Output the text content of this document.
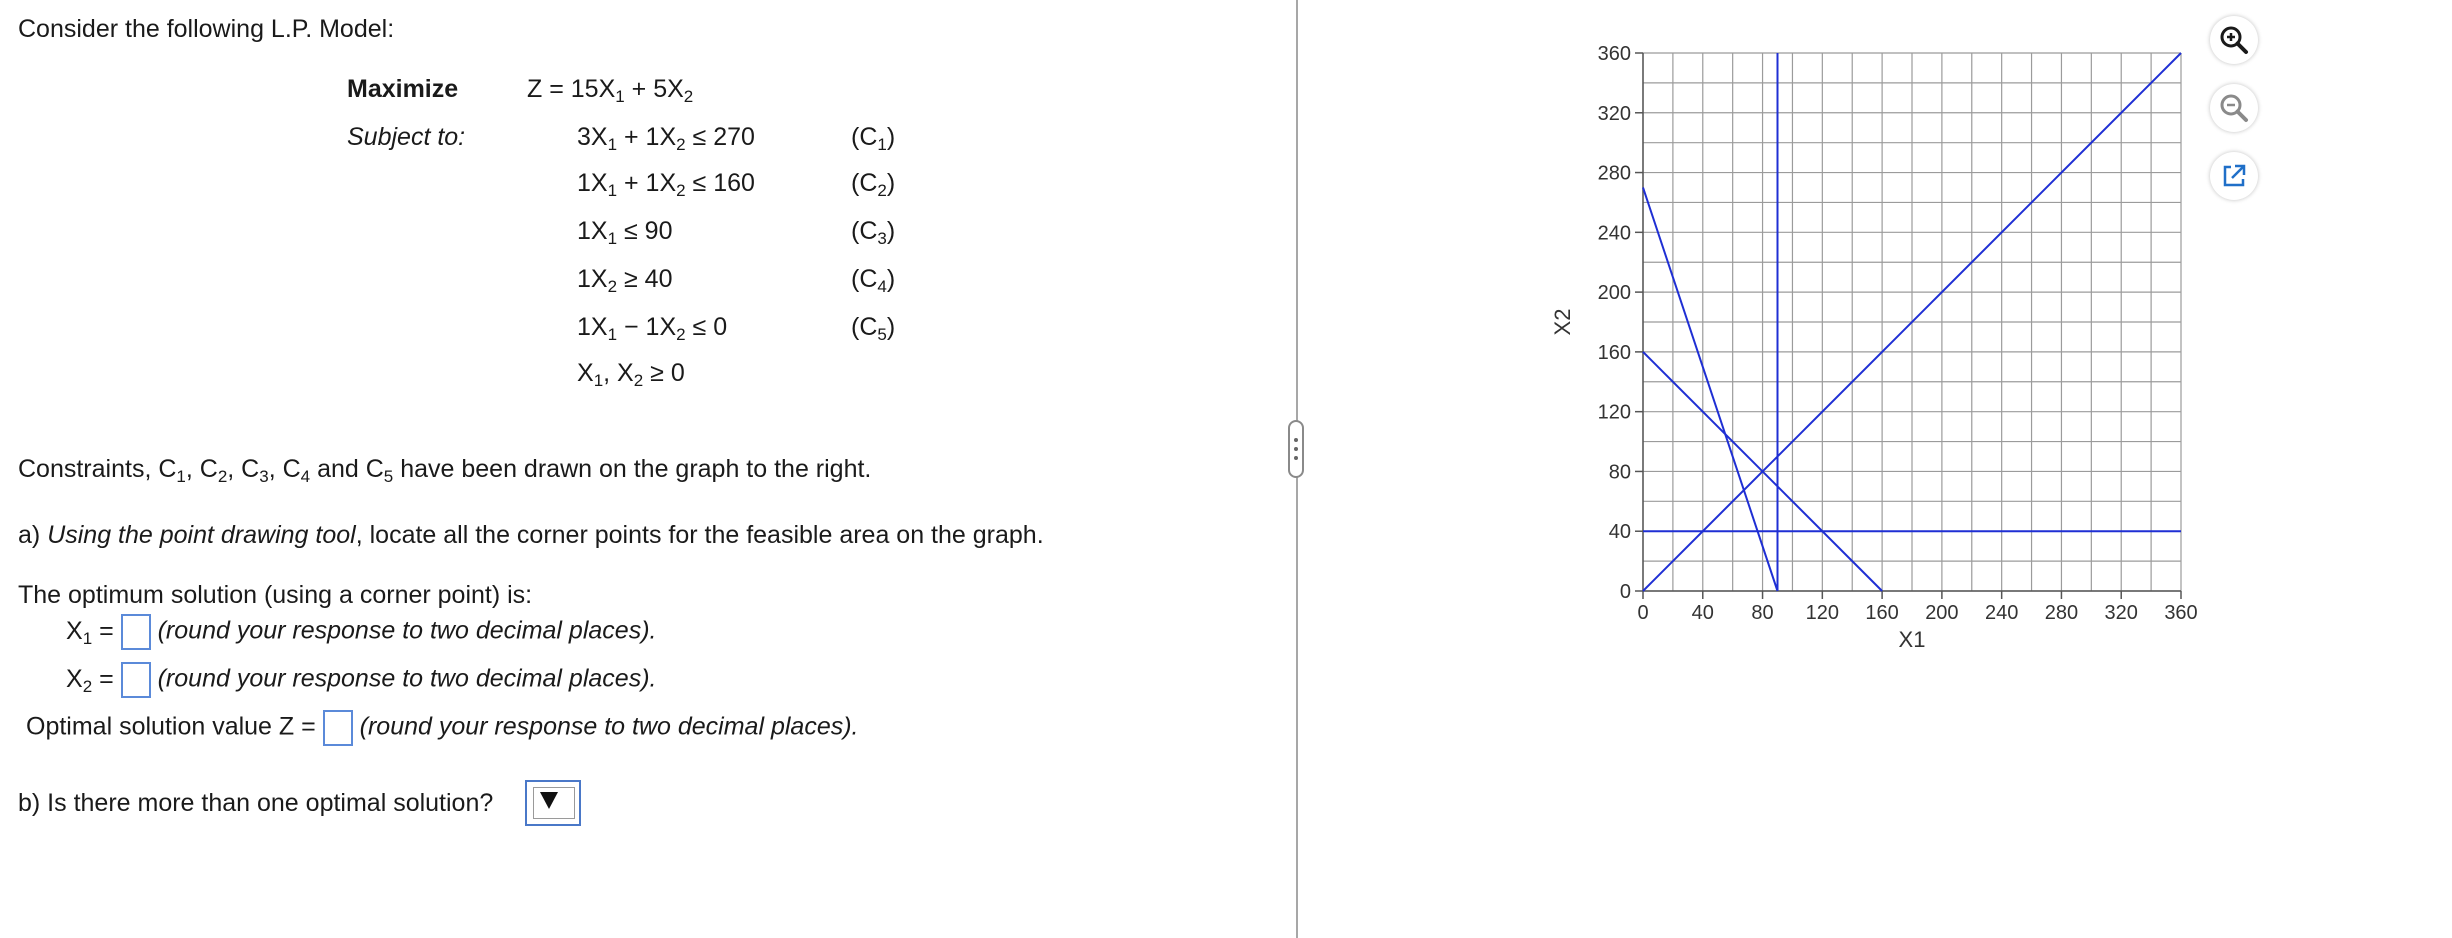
Consider the following L.P. Model:
Maximize	$Z = 15X_1 + 5X_2$
Subject to:	$3X_1 + 1X_2 \le 270$	$(C_1)$
$1X_1 + 1X_2 \le 160$	$(C_2)$
$1X_1 \le 90$	$(C_3)$
$1X_2 \ge 40$	$(C_4)$
$1X_1 - 1X_2 \le 0$	$(C_5)$
$X_1$, $X_2 \ge 0$
Constraints, $C_1$, $C_2$, $C_3$, $C_4$ and $C_5$ have been drawn on the graph to the right.
a) Using the point drawing tool, locate all the corner points for the feasible area on the graph.
The optimum solution (using a corner point) is:
$X_1$ = (round your response to two decimal places).
$X_2$ = (round your response to two decimal places).
Optimal solution value Z = (round your response to two decimal places).
b) Is there more than one optimal solution?
0 40 80 120 160 200 240 280 320 360
0
40
80
120
160
200
240
280
320
360
X1
X2
